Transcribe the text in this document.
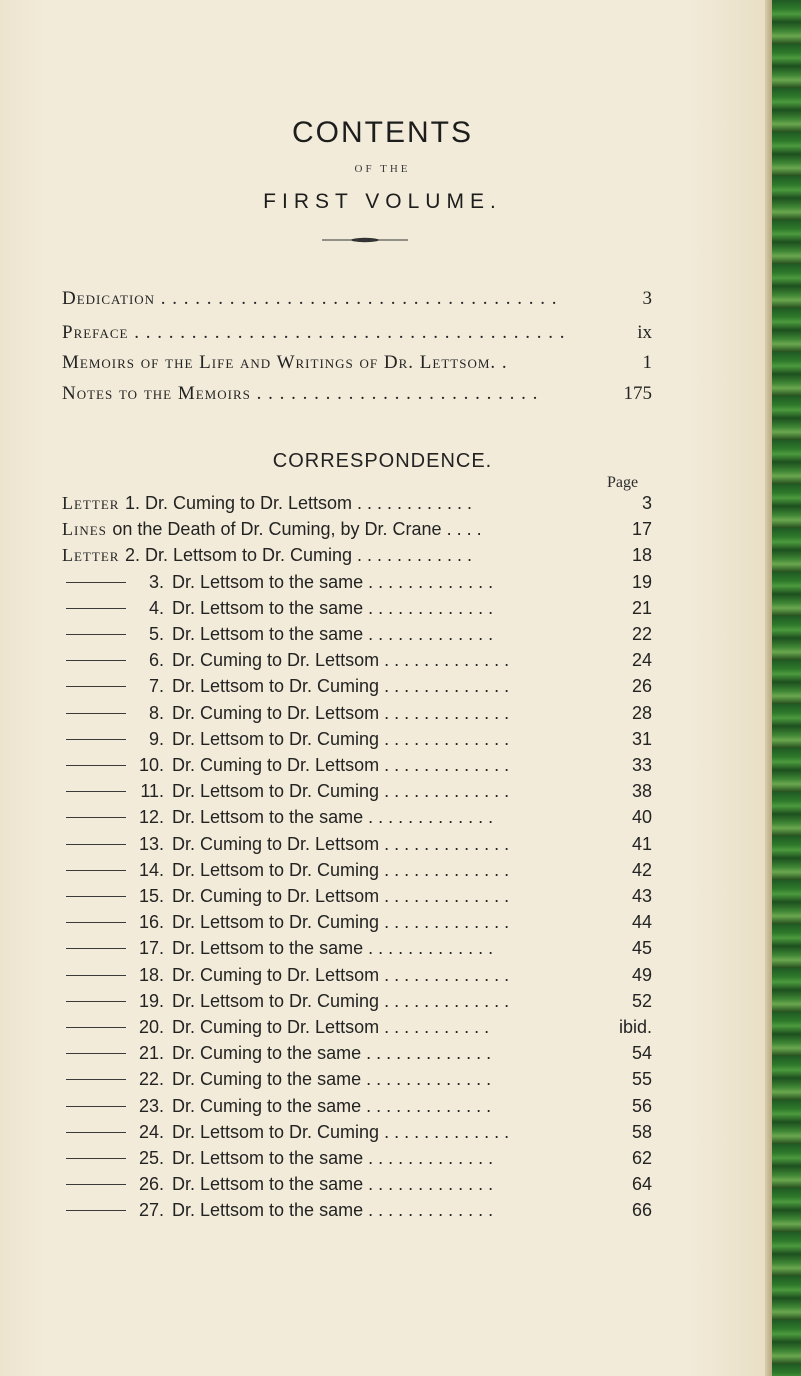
CONTENTS
OF THE
FIRST VOLUME.
Dedication . . . . . . . . . . . . . . . . . . . . . . . . . . . . . . . . . . .	3
Preface . . . . . . . . . . . . . . . . . . . . . . . . . . . . . . . . . . . . . .	ix
Memoirs of the Life and Writings of Dr. Lettsom. .	1
Notes to the Memoirs . . . . . . . . . . . . . . . . . . . . . . . . .	175
CORRESPONDENCE.
Page
Letter 1. Dr. Cuming to Dr. Lettsom . . . . . . . . . . . .	3
Lines on the Death of Dr. Cuming, by Dr. Crane . . . .	17
Letter 2. Dr. Lettsom to Dr. Cuming . . . . . . . . . . . .	18
3. Dr. Lettsom to the same . . . . . . . . . . . . .	19
4. Dr. Lettsom to the same . . . . . . . . . . . . .	21
5. Dr. Lettsom to the same . . . . . . . . . . . . .	22
6. Dr. Cuming to Dr. Lettsom . . . . . . . . . . . . .	24
7. Dr. Lettsom to Dr. Cuming . . . . . . . . . . . . .	26
8. Dr. Cuming to Dr. Lettsom . . . . . . . . . . . . .	28
9. Dr. Lettsom to Dr. Cuming . . . . . . . . . . . . .	31
10. Dr. Cuming to Dr. Lettsom . . . . . . . . . . . . .	33
11. Dr. Lettsom to Dr. Cuming . . . . . . . . . . . . .	38
12. Dr. Lettsom to the same . . . . . . . . . . . . .	40
13. Dr. Cuming to Dr. Lettsom . . . . . . . . . . . . .	41
14. Dr. Lettsom to Dr. Cuming . . . . . . . . . . . . .	42
15. Dr. Cuming to Dr. Lettsom . . . . . . . . . . . . .	43
16. Dr. Lettsom to Dr. Cuming . . . . . . . . . . . . .	44
17. Dr. Lettsom to the same . . . . . . . . . . . . .	45
18. Dr. Cuming to Dr. Lettsom . . . . . . . . . . . . .	49
19. Dr. Lettsom to Dr. Cuming . . . . . . . . . . . . .	52
20. Dr. Cuming to Dr. Lettsom . . . . . . . . . . .	ibid.
21. Dr. Cuming to the same . . . . . . . . . . . . .	54
22. Dr. Cuming to the same . . . . . . . . . . . . .	55
23. Dr. Cuming to the same . . . . . . . . . . . . .	56
24. Dr. Lettsom to Dr. Cuming . . . . . . . . . . . . .	58
25. Dr. Lettsom to the same . . . . . . . . . . . . .	62
26. Dr. Lettsom to the same . . . . . . . . . . . . .	64
27. Dr. Lettsom to the same . . . . . . . . . . . . .	66
